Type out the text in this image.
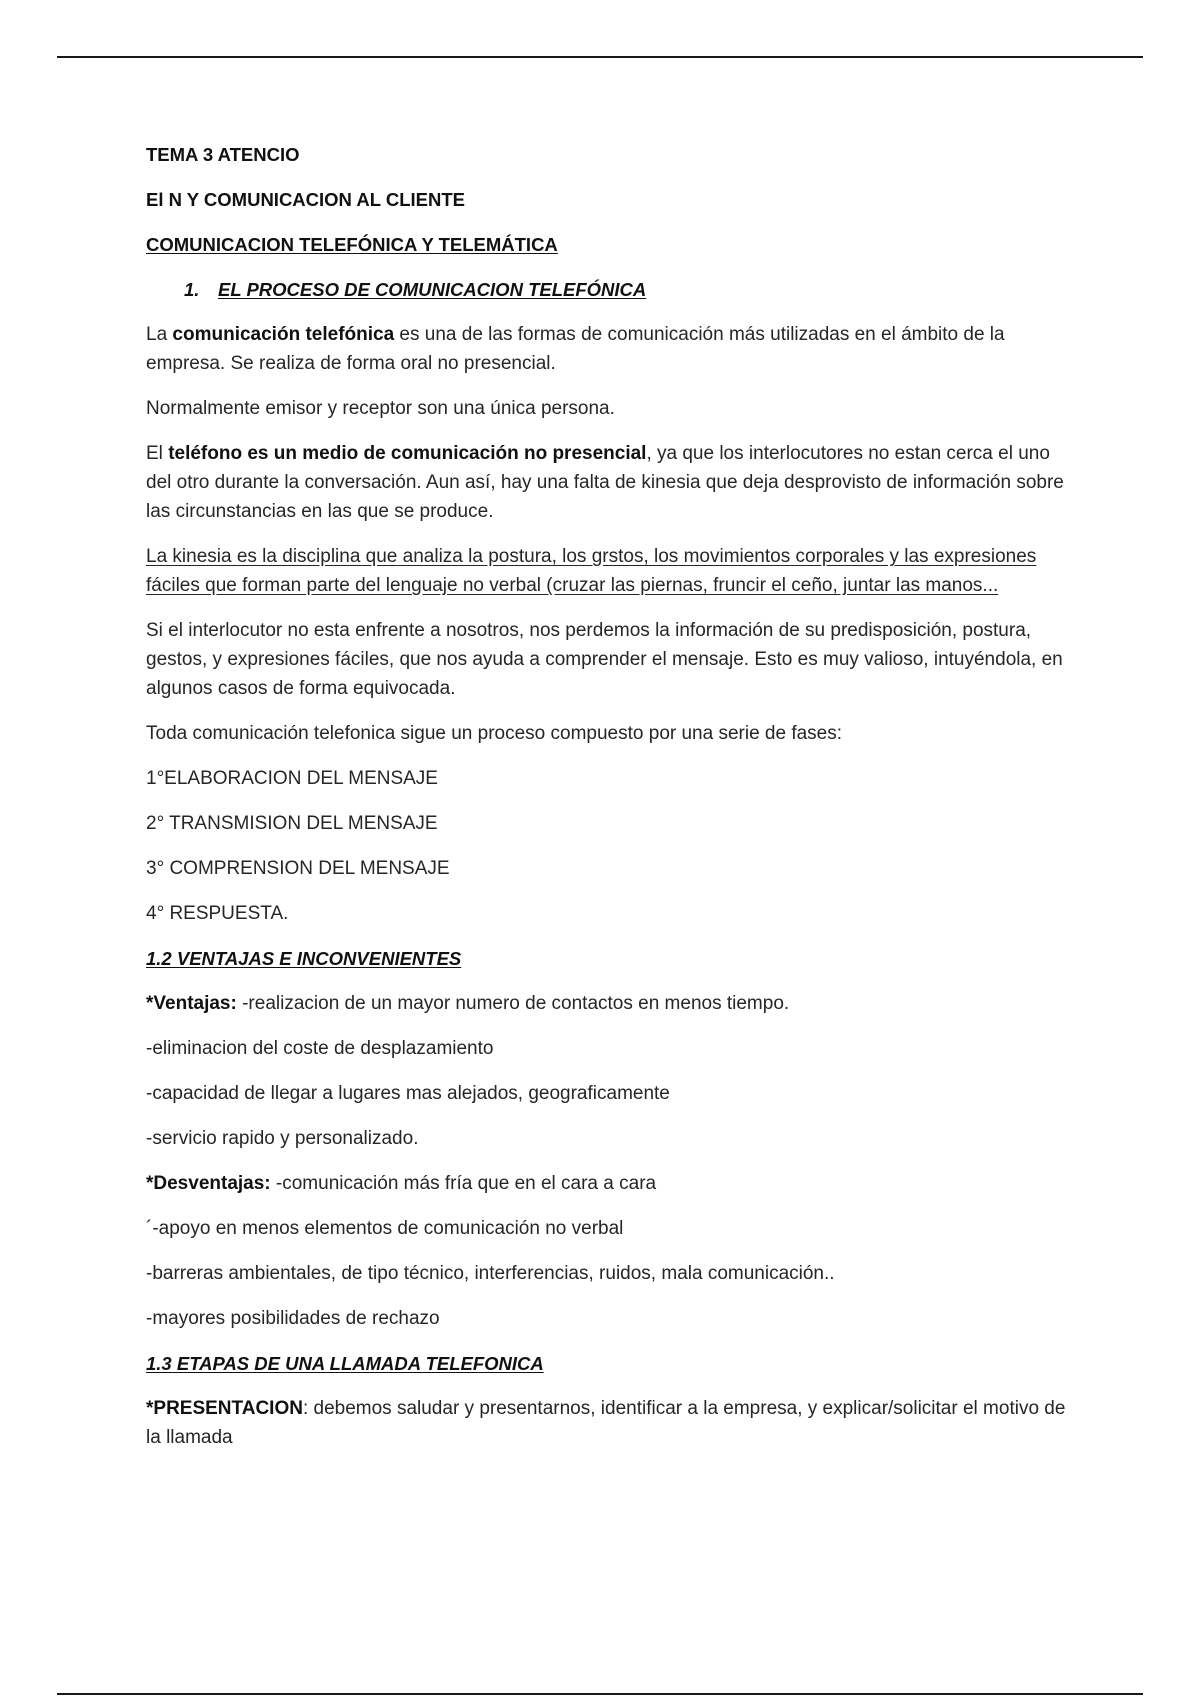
TEMA 3 ATENCIO

El N Y COMUNICACION AL CLIENTE

COMUNICACION TELEFÓNICA Y TELEMÁTICA

1. EL PROCESO DE COMUNICACION TELEFÓNICA

La comunicación telefónica es una de las formas de comunicación más utilizadas en el ámbito de la empresa. Se realiza de forma oral no presencial.

Normalmente emisor y receptor son una única persona.

El teléfono es un medio de comunicación no presencial, ya que los interlocutores no estan cerca el uno del otro durante la conversación. Aun así, hay una falta de kinesia que deja desprovisto de información sobre las circunstancias en las que se produce.

La kinesia es la disciplina que analiza la postura, los grstos, los movimientos corporales y las expresiones fáciles que forman parte del lenguaje no verbal (cruzar las piernas, fruncir el ceño, juntar las manos...

Si el interlocutor no esta enfrente a nosotros, nos perdemos la información de su predisposición, postura, gestos, y expresiones fáciles, que nos ayuda a comprender el mensaje. Esto es muy valioso, intuyéndola, en algunos casos de forma equivocada.

Toda comunicación telefonica sigue un proceso compuesto por una serie de fases:

1°ELABORACION DEL MENSAJE

2° TRANSMISION DEL MENSAJE

3° COMPRENSION DEL MENSAJE

4° RESPUESTA.

1.2 VENTAJAS E INCONVENIENTES

*Ventajas: -realizacion de un mayor numero de contactos en menos tiempo.

-eliminacion del coste de desplazamiento

-capacidad de llegar a lugares mas alejados, geograficamente

-servicio rapido y personalizado.

*Desventajas: -comunicación más fría que en el cara a cara

´-apoyo en menos elementos de comunicación no verbal

-barreras ambientales, de tipo técnico, interferencias, ruidos, mala comunicación..

-mayores posibilidades de rechazo

1.3 ETAPAS DE UNA LLAMADA TELEFONICA

*PRESENTACION: debemos saludar y presentarnos, identificar a la empresa, y explicar/solicitar el motivo de la llamada
